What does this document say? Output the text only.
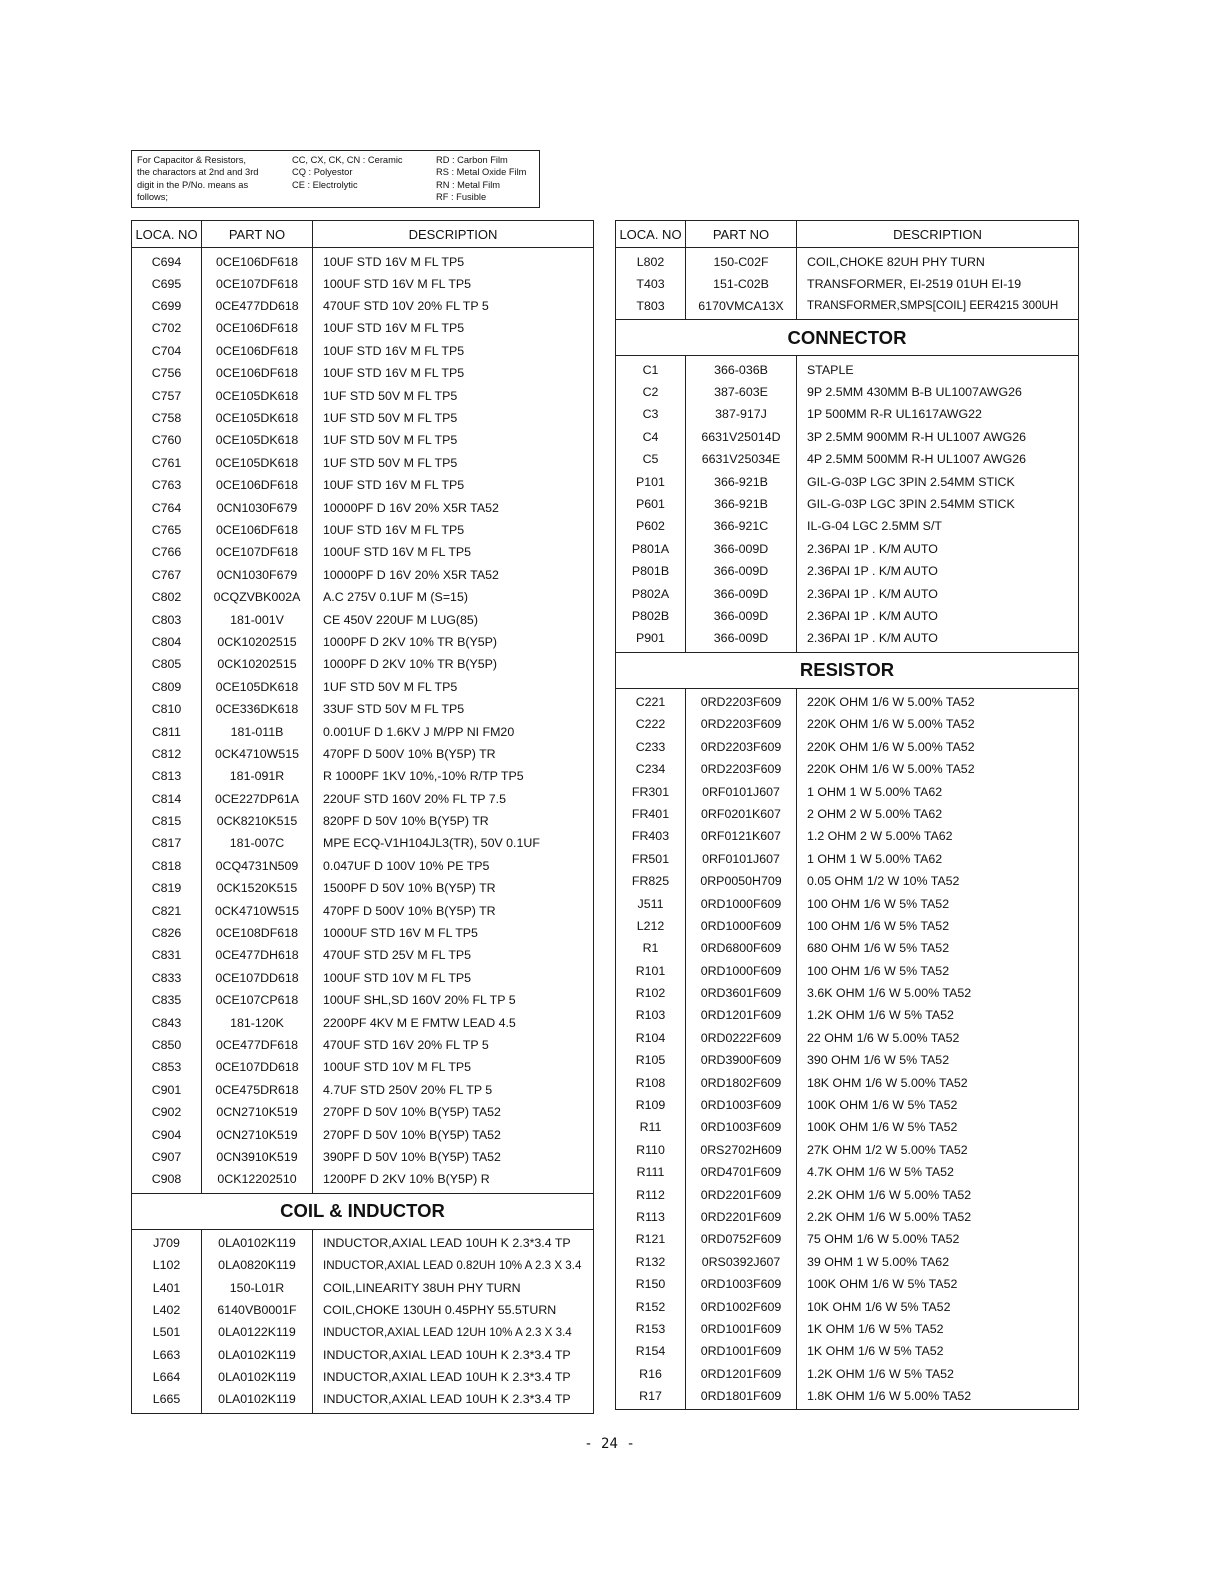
For Capacitor & Resistors,
the charactors at 2nd and 3rd
digit in the P/No. means as
follows;
CC, CX, CK, CN : Ceramic
CQ : Polyestor
CE : Electrolytic
RD : Carbon Film
RS : Metal Oxide Film
RN : Metal Film
RF : Fusible
LOCA. NO	PART NO	DESCRIPTION
C694	0CE106DF618	10UF STD 16V M FL TP5
C695	0CE107DF618	100UF STD 16V M FL TP5
C699	0CE477DD618	470UF STD 10V 20% FL TP 5
C702	0CE106DF618	10UF STD 16V M FL TP5
C704	0CE106DF618	10UF STD 16V M FL TP5
C756	0CE106DF618	10UF STD 16V M FL TP5
C757	0CE105DK618	1UF STD 50V M FL TP5
C758	0CE105DK618	1UF STD 50V M FL TP5
C760	0CE105DK618	1UF STD 50V M FL TP5
C761	0CE105DK618	1UF STD 50V M FL TP5
C763	0CE106DF618	10UF STD 16V M FL TP5
C764	0CN1030F679	10000PF D 16V 20% X5R TA52
C765	0CE106DF618	10UF STD 16V M FL TP5
C766	0CE107DF618	100UF STD 16V M FL TP5
C767	0CN1030F679	10000PF D 16V 20% X5R TA52
C802	0CQZVBK002A	A.C 275V 0.1UF M (S=15)
C803	181-001V	CE 450V 220UF M LUG(85)
C804	0CK10202515	1000PF D 2KV 10% TR B(Y5P)
C805	0CK10202515	1000PF D 2KV 10% TR B(Y5P)
C809	0CE105DK618	1UF STD 50V M FL TP5
C810	0CE336DK618	33UF STD 50V M FL TP5
C811	181-011B	0.001UF D 1.6KV J M/PP NI FM20
C812	0CK4710W515	470PF D 500V 10% B(Y5P) TR
C813	181-091R	R 1000PF 1KV 10%,-10% R/TP TP5
C814	0CE227DP61A	220UF STD 160V 20% FL TP 7.5
C815	0CK8210K515	820PF D 50V 10% B(Y5P) TR
C817	181-007C	MPE ECQ-V1H104JL3(TR), 50V 0.1UF
C818	0CQ4731N509	0.047UF D 100V 10% PE TP5
C819	0CK1520K515	1500PF D 50V 10% B(Y5P) TR
C821	0CK4710W515	470PF D 500V 10% B(Y5P) TR
C826	0CE108DF618	1000UF STD 16V M FL TP5
C831	0CE477DH618	470UF STD 25V M FL TP5
C833	0CE107DD618	100UF STD 10V M FL TP5
C835	0CE107CP618	100UF SHL,SD 160V 20% FL TP 5
C843	181-120K	2200PF 4KV M E FMTW LEAD 4.5
C850	0CE477DF618	470UF STD 16V 20% FL TP 5
C853	0CE107DD618	100UF STD 10V M FL TP5
C901	0CE475DR618	4.7UF STD 250V 20% FL TP 5
C902	0CN2710K519	270PF D 50V 10% B(Y5P) TA52
C904	0CN2710K519	270PF D 50V 10% B(Y5P) TA52
C907	0CN3910K519	390PF D 50V 10% B(Y5P) TA52
C908	0CK12202510	1200PF D 2KV 10% B(Y5P) R
COIL & INDUCTOR		
J709	0LA0102K119	INDUCTOR,AXIAL LEAD 10UH K 2.3*3.4 TP
L102	0LA0820K119	INDUCTOR,AXIAL LEAD 0.82UH 10% A 2.3 X 3.4
L401	150-L01R	COIL,LINEARITY 38UH PHY TURN
L402	6140VB0001F	COIL,CHOKE 130UH 0.45PHY 55.5TURN
L501	0LA0122K119	INDUCTOR,AXIAL LEAD 12UH 10% A 2.3 X 3.4
L663	0LA0102K119	INDUCTOR,AXIAL LEAD 10UH K 2.3*3.4 TP
L664	0LA0102K119	INDUCTOR,AXIAL LEAD 10UH K 2.3*3.4 TP
L665	0LA0102K119	INDUCTOR,AXIAL LEAD 10UH K 2.3*3.4 TP
LOCA. NO	PART NO	DESCRIPTION
L802	150-C02F	COIL,CHOKE 82UH PHY TURN
T403	151-C02B	TRANSFORMER, EI-2519 01UH EI-19
T803	6170VMCA13X	TRANSFORMER,SMPS[COIL] EER4215 300UH
CONNECTOR		
C1	366-036B	STAPLE
C2	387-603E	9P 2.5MM 430MM B-B UL1007AWG26
C3	387-917J	1P 500MM R-R UL1617AWG22
C4	6631V25014D	3P 2.5MM 900MM R-H UL1007 AWG26
C5	6631V25034E	4P 2.5MM 500MM R-H UL1007 AWG26
P101	366-921B	GIL-G-03P LGC 3PIN 2.54MM STICK
P601	366-921B	GIL-G-03P LGC 3PIN 2.54MM STICK
P602	366-921C	IL-G-04 LGC 2.5MM S/T
P801A	366-009D	2.36PAI 1P . K/M AUTO
P801B	366-009D	2.36PAI 1P . K/M AUTO
P802A	366-009D	2.36PAI 1P . K/M AUTO
P802B	366-009D	2.36PAI 1P . K/M AUTO
P901	366-009D	2.36PAI 1P . K/M AUTO
RESISTOR		
C221	0RD2203F609	220K OHM 1/6 W 5.00% TA52
C222	0RD2203F609	220K OHM 1/6 W 5.00% TA52
C233	0RD2203F609	220K OHM 1/6 W 5.00% TA52
C234	0RD2203F609	220K OHM 1/6 W 5.00% TA52
FR301	0RF0101J607	1 OHM 1 W 5.00% TA62
FR401	0RF0201K607	2 OHM 2 W 5.00% TA62
FR403	0RF0121K607	1.2 OHM 2 W 5.00% TA62
FR501	0RF0101J607	1 OHM 1 W 5.00% TA62
FR825	0RP0050H709	0.05 OHM 1/2 W 10% TA52
J511	0RD1000F609	100 OHM 1/6 W 5% TA52
L212	0RD1000F609	100 OHM 1/6 W 5% TA52
R1	0RD6800F609	680 OHM 1/6 W 5% TA52
R101	0RD1000F609	100 OHM 1/6 W 5% TA52
R102	0RD3601F609	3.6K OHM 1/6 W 5.00% TA52
R103	0RD1201F609	1.2K OHM 1/6 W 5% TA52
R104	0RD0222F609	22 OHM 1/6 W 5.00% TA52
R105	0RD3900F609	390 OHM 1/6 W 5% TA52
R108	0RD1802F609	18K OHM 1/6 W 5.00% TA52
R109	0RD1003F609	100K OHM 1/6 W 5% TA52
R11	0RD1003F609	100K OHM 1/6 W 5% TA52
R110	0RS2702H609	27K OHM 1/2 W 5.00% TA52
R111	0RD4701F609	4.7K OHM 1/6 W 5% TA52
R112	0RD2201F609	2.2K OHM 1/6 W 5.00% TA52
R113	0RD2201F609	2.2K OHM 1/6 W 5.00% TA52
R121	0RD0752F609	75 OHM 1/6 W 5.00% TA52
R132	0RS0392J607	39 OHM 1 W 5.00% TA62
R150	0RD1003F609	100K OHM 1/6 W 5% TA52
R152	0RD1002F609	10K OHM 1/6 W 5% TA52
R153	0RD1001F609	1K OHM 1/6 W 5% TA52
R154	0RD1001F609	1K OHM 1/6 W 5% TA52
R16	0RD1201F609	1.2K OHM 1/6 W 5% TA52
R17	0RD1801F609	1.8K OHM 1/6 W 5.00% TA52
- 24 -
